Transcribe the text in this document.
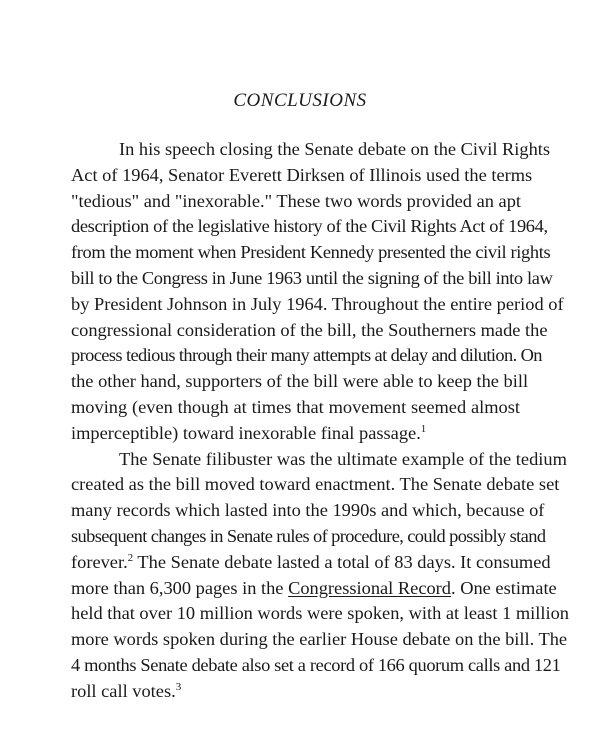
CONCLUSIONS
In his speech closing the Senate debate on the Civil Rights
Act of 1964, Senator Everett Dirksen of Illinois used the terms
"tedious" and "inexorable." These two words provided an apt
description of the legislative history of the Civil Rights Act of 1964,
from the moment when President Kennedy presented the civil rights
bill to the Congress in June 1963 until the signing of the bill into law
by President Johnson in July 1964. Throughout the entire period of
congressional consideration of the bill, the Southerners made the
process tedious through their many attempts at delay and dilution. On
the other hand, supporters of the bill were able to keep the bill
moving (even though at times that movement seemed almost
imperceptible) toward inexorable final passage.$^1$
The Senate filibuster was the ultimate example of the tedium
created as the bill moved toward enactment. The Senate debate set
many records which lasted into the 1990s and which, because of
subsequent changes in Senate rules of procedure, could possibly stand
forever.$^2$ The Senate debate lasted a total of 83 days. It consumed
more than 6,300 pages in the Congressional Record. One estimate
held that over 10 million words were spoken, with at least 1 million
more words spoken during the earlier House debate on the bill. The
4 months Senate debate also set a record of 166 quorum calls and 121
roll call votes.$^3$
